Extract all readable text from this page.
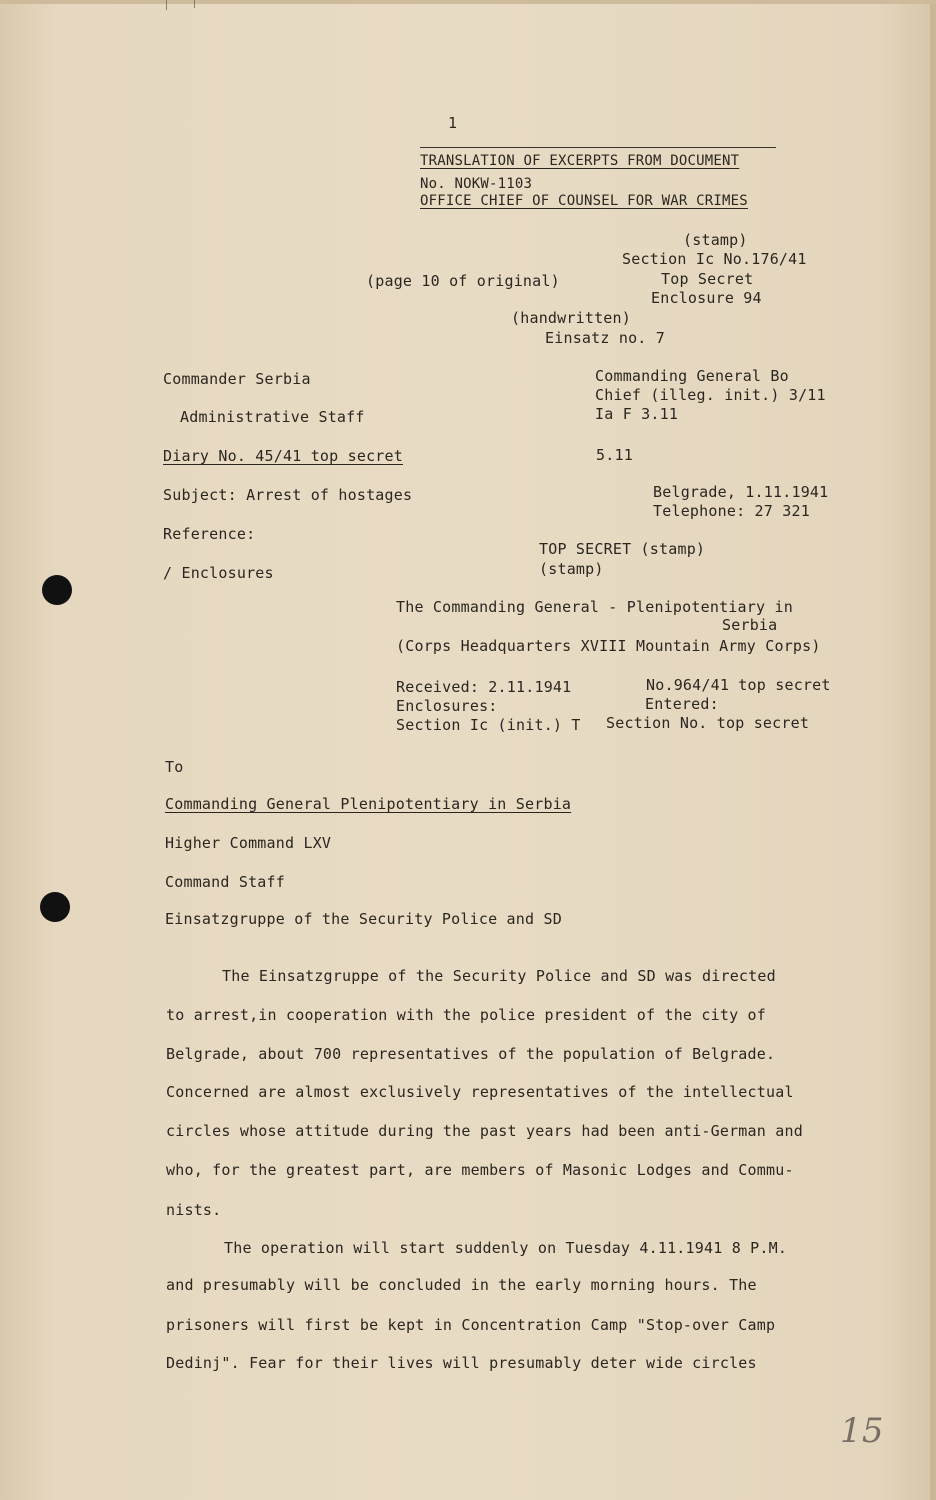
1
TRANSLATION OF EXCERPTS FROM DOCUMENT
No. NOKW-1103
OFFICE CHIEF OF COUNSEL FOR WAR CRIMES
(stamp)
Section Ic No.176/41
(page 10 of original)	Top Secret
Enclosure 94
(handwritten)
Einsatz no. 7
Commander Serbia	Commanding General Bo
Chief (illeg. init.) 3/11
Administrative Staff	Ia F 3.11
Diary No. 45/41 top secret	5.11
Subject: Arrest of hostages	Belgrade, 1.11.1941
Telephone: 27 321
Reference:
TOP SECRET (stamp)
(stamp)
/ Enclosures
The Commanding General - Plenipotentiary in
Serbia
(Corps Headquarters XVIII Mountain Army Corps)
Received: 2.11.1941	No.964/41 top secret
Enclosures:	Entered:
Section Ic (init.) T Section No. top secret
To
Commanding General Plenipotentiary in Serbia
Higher Command LXV
Command Staff
Einsatzgruppe of the Security Police and SD
The Einsatzgruppe of the Security Police and SD was directed
to arrest,in cooperation with the police president of the city of
Belgrade, about 700 representatives of the population of Belgrade.
Concerned are almost exclusively representatives of the intellectual
circles whose attitude during the past years had been anti-German and
who, for the greatest part, are members of Masonic Lodges and Commu-
nists.
The operation will start suddenly on Tuesday 4.11.1941 8 P.M.
and presumably will be concluded in the early morning hours. The
prisoners will first be kept in Concentration Camp "Stop-over Camp
Dedinj". Fear for their lives will presumably deter wide circles
15
